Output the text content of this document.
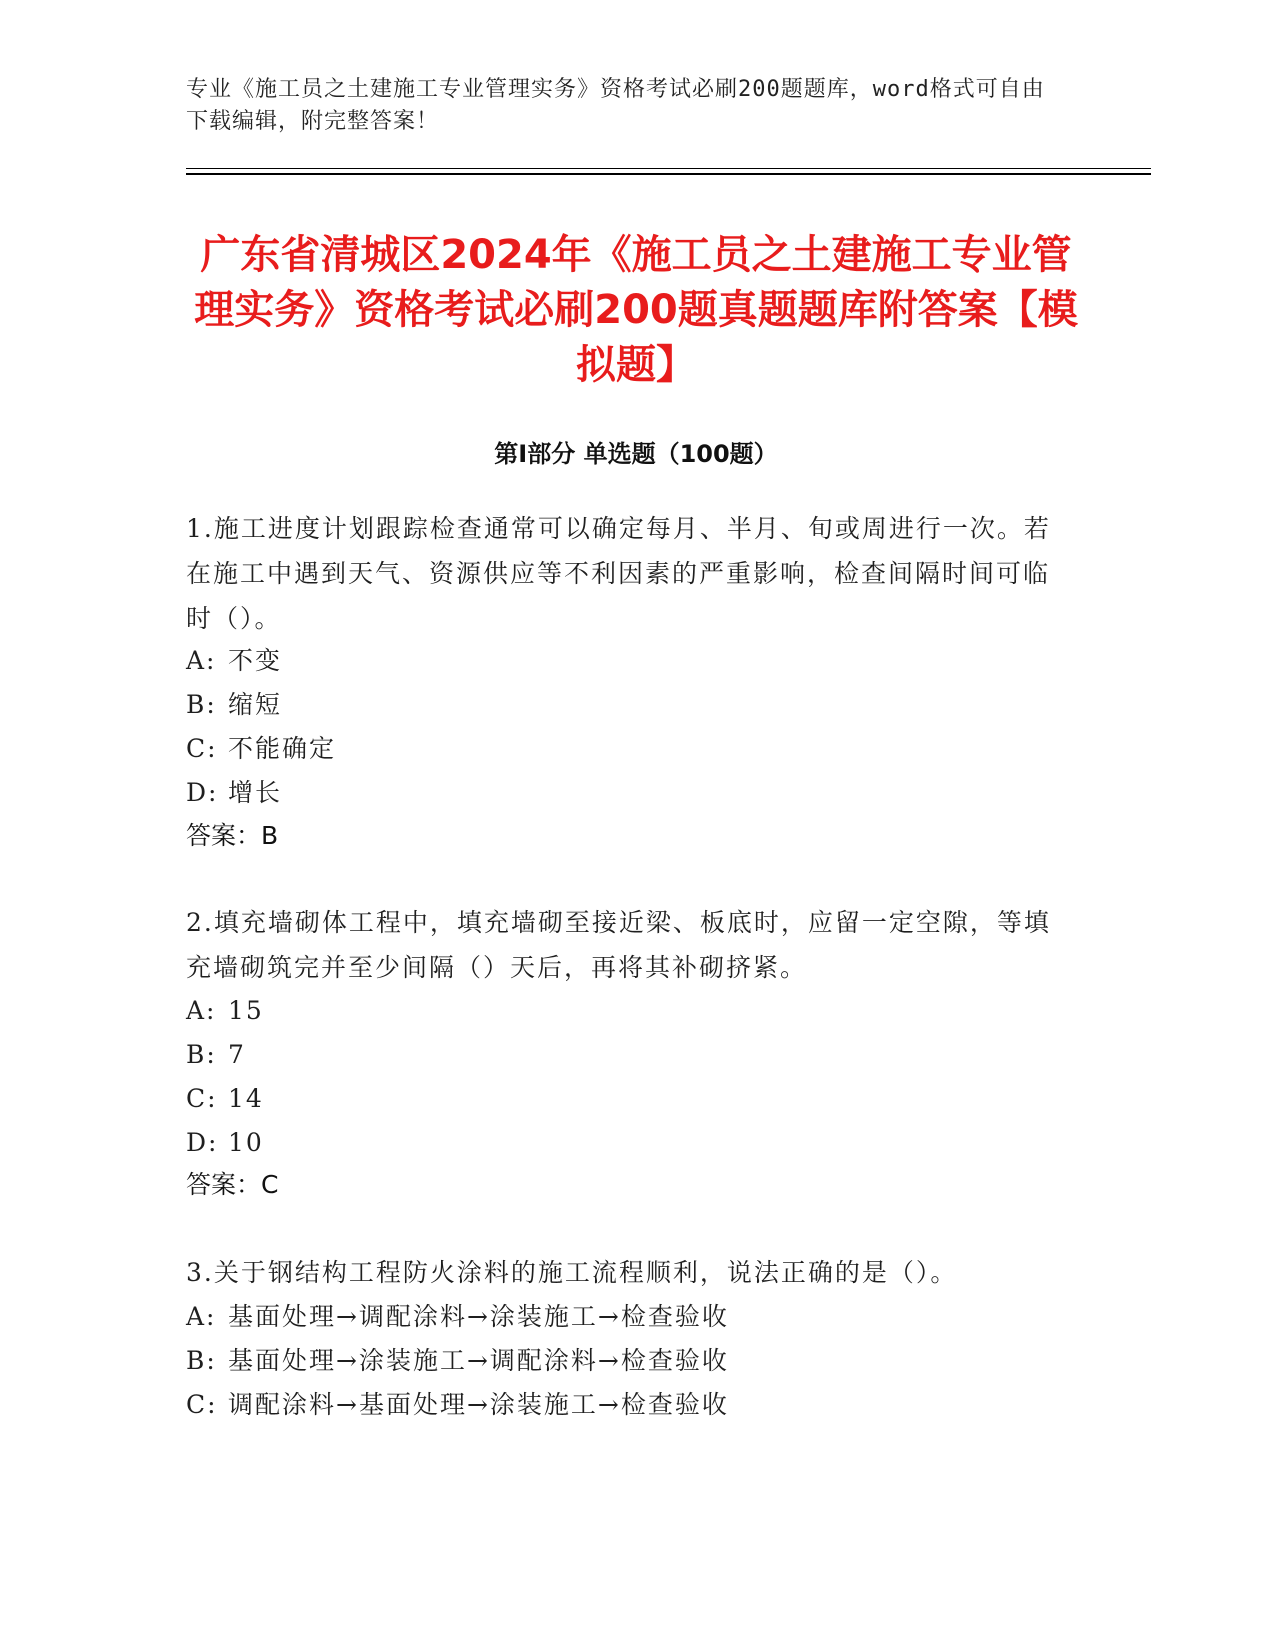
专业《施工员之土建施工专业管理实务》资格考试必刷200题题库，word格式可自由下载编辑，附完整答案！
广东省清城区2024年《施工员之土建施工专业管理实务》资格考试必刷200题真题题库附答案【模拟题】
第Ⅰ部分 单选题（100题）
1.施工进度计划跟踪检查通常可以确定每月、半月、旬或周进行一次。若在施工中遇到天气、资源供应等不利因素的严重影响，检查间隔时间可临时（）。
A: 不变
B: 缩短
C: 不能确定
D: 增长
答案：B
2.填充墙砌体工程中，填充墙砌至接近梁、板底时，应留一定空隙，等填充墙砌筑完并至少间隔（）天后，再将其补砌挤紧。
A: 15
B: 7
C: 14
D: 10
答案：C
3.关于钢结构工程防火涂料的施工流程顺利，说法正确的是（）。
A: 基面处理→调配涂料→涂装施工→检查验收
B: 基面处理→涂装施工→调配涂料→检查验收
C: 调配涂料→基面处理→涂装施工→检查验收
